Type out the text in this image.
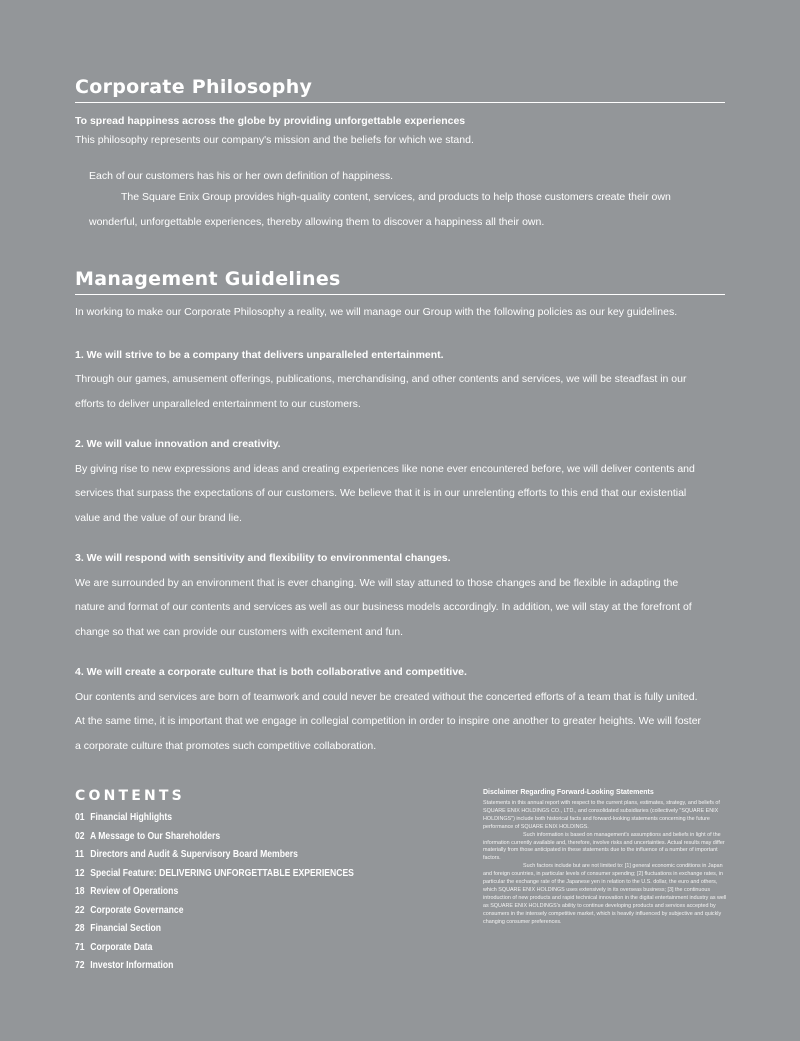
Corporate Philosophy
To spread happiness across the globe by providing unforgettable experiences
This philosophy represents our company's mission and the beliefs for which we stand.
Each of our customers has his or her own definition of happiness.
The Square Enix Group provides high-quality content, services, and products to help those customers create their own
wonderful, unforgettable experiences, thereby allowing them to discover a happiness all their own.
Management Guidelines
In working to make our Corporate Philosophy a reality, we will manage our Group with the following policies as our key guidelines.
1. We will strive to be a company that delivers unparalleled entertainment.
Through our games, amusement offerings, publications, merchandising, and other contents and services, we will be steadfast in our
efforts to deliver unparalleled entertainment to our customers.
2. We will value innovation and creativity.
By giving rise to new expressions and ideas and creating experiences like none ever encountered before, we will deliver contents and
services that surpass the expectations of our customers. We believe that it is in our unrelenting efforts to this end that our existential
value and the value of our brand lie.
3. We will respond with sensitivity and flexibility to environmental changes.
We are surrounded by an environment that is ever changing. We will stay attuned to those changes and be flexible in adapting the
nature and format of our contents and services as well as our business models accordingly. In addition, we will stay at the forefront of
change so that we can provide our customers with excitement and fun.
4. We will create a corporate culture that is both collaborative and competitive.
Our contents and services are born of teamwork and could never be created without the concerted efforts of a team that is fully united.
At the same time, it is important that we engage in collegial competition in order to inspire one another to greater heights. We will foster
a corporate culture that promotes such competitive collaboration.
CONTENTS
01 Financial Highlights
02 A Message to Our Shareholders
11 Directors and Audit & Supervisory Board Members
12 Special Feature: DELIVERING UNFORGETTABLE EXPERIENCES
18 Review of Operations
22 Corporate Governance
28 Financial Section
71 Corporate Data
72 Investor Information
Disclaimer Regarding Forward-Looking Statements
Statements in this annual report with respect to the current plans, estimates, strategy, and beliefs of SQUARE ENIX HOLDINGS CO., LTD., and consolidated subsidiaries (collectively "SQUARE ENIX HOLDINGS") include both historical facts and forward-looking statements concerning the future performance of SQUARE ENIX HOLDINGS.
Such information is based on management's assumptions and beliefs in light of the information currently available and, therefore, involve risks and uncertainties. Actual results may differ materially from those anticipated in these statements due to the influence of a number of important factors.
Such factors include but are not limited to: [1] general economic conditions in Japan and foreign countries, in particular levels of consumer spending; [2] fluctuations in exchange rates, in particular the exchange rate of the Japanese yen in relation to the U.S. dollar, the euro and others, which SQUARE ENIX HOLDINGS uses extensively in its overseas business; [3] the continuous introduction of new products and rapid technical innovation in the digital entertainment industry as well as SQUARE ENIX HOLDINGS's ability to continue developing products and services accepted by consumers in the intensely competitive market, which is heavily influenced by subjective and quickly changing consumer preferences.
